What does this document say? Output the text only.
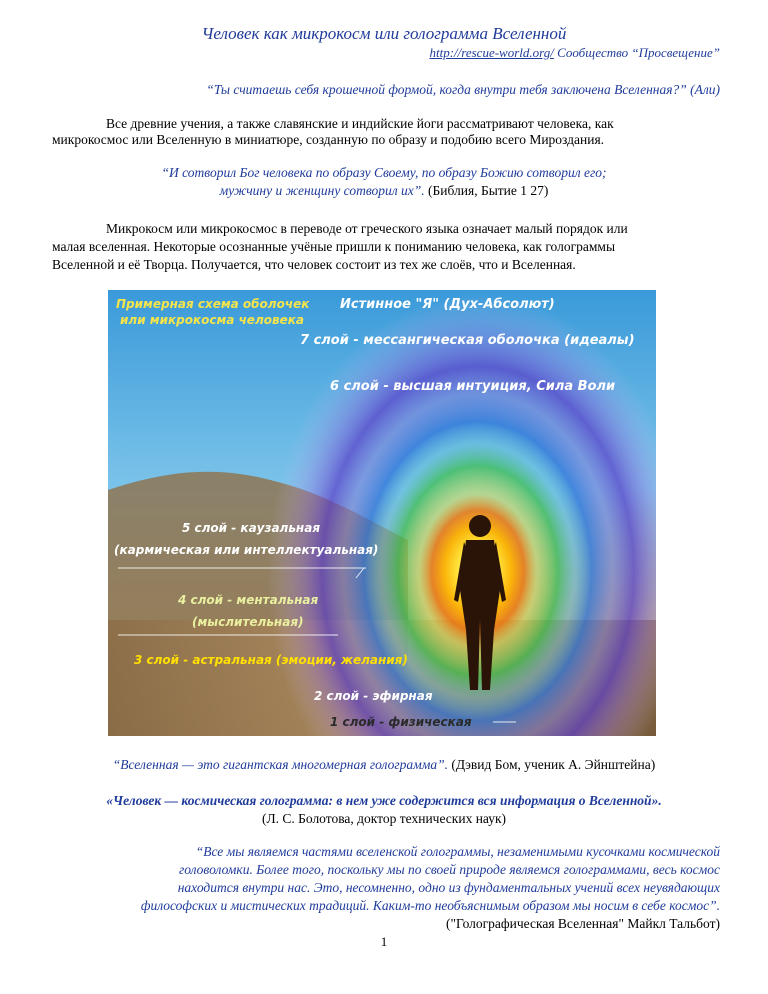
Человек как микрокосм или голограмма Вселенной
http://rescue-world.org/ Сообщество “Просвещение”
“Ты считаешь себя крошечной формой, когда внутри тебя заключена Вселенная?” (Али)
Все древние учения, а также славянские и индийские йоги рассматривают человека, как
микрокосмос или Вселенную в миниатюре, созданную по образу и подобию всего Мироздания.
“И сотворил Бог человека по образу Своему, по образу Божию сотворил его;
мужчину и женщину сотворил их”. (Библия, Бытие 1 27)
Микрокосм или микрокосмос в переводе от греческого языка означает малый порядок или
малая вселенная. Некоторые осознанные учёные пришли к пониманию человека, как голограммы
Вселенной и её Творца. Получается, что человек состоит из тех же слоёв, что и Вселенная.
Примерная схема оболочек
или микрокосма человека
Истинное "Я" (Дух-Абсолют)
7 слой - мессангическая оболочка (идеалы)
6 слой - высшая интуиция, Сила Воли
5 слой - каузальная
(кармическая или интеллектуальная)
4 слой - ментальная
(мыслительная)
3 слой - астральная (эмоции, желания)
2 слой - эфирная
1 слой - физическая
“Вселенная — это гигантская многомерная голограмма”. (Дэвид Бом, ученик А. Эйнштейна)
«Человек — космическая голограмма: в нем уже содержится вся информация о Вселенной».
(Л. С. Болотова, доктор технических наук)
“Все мы являемся частями вселенской голограммы, незаменимыми кусочками космической
головоломки. Более того, поскольку мы по своей природе являемся голограммами, весь космос
находится внутри нас. Это, несомненно, одно из фундаментальных учений всех неувядающих
философских и мистических традиций. Каким-то необъяснимым образом мы носим в себе космос”.
("Голографическая Вселенная" Майкл Тальбот)
1
